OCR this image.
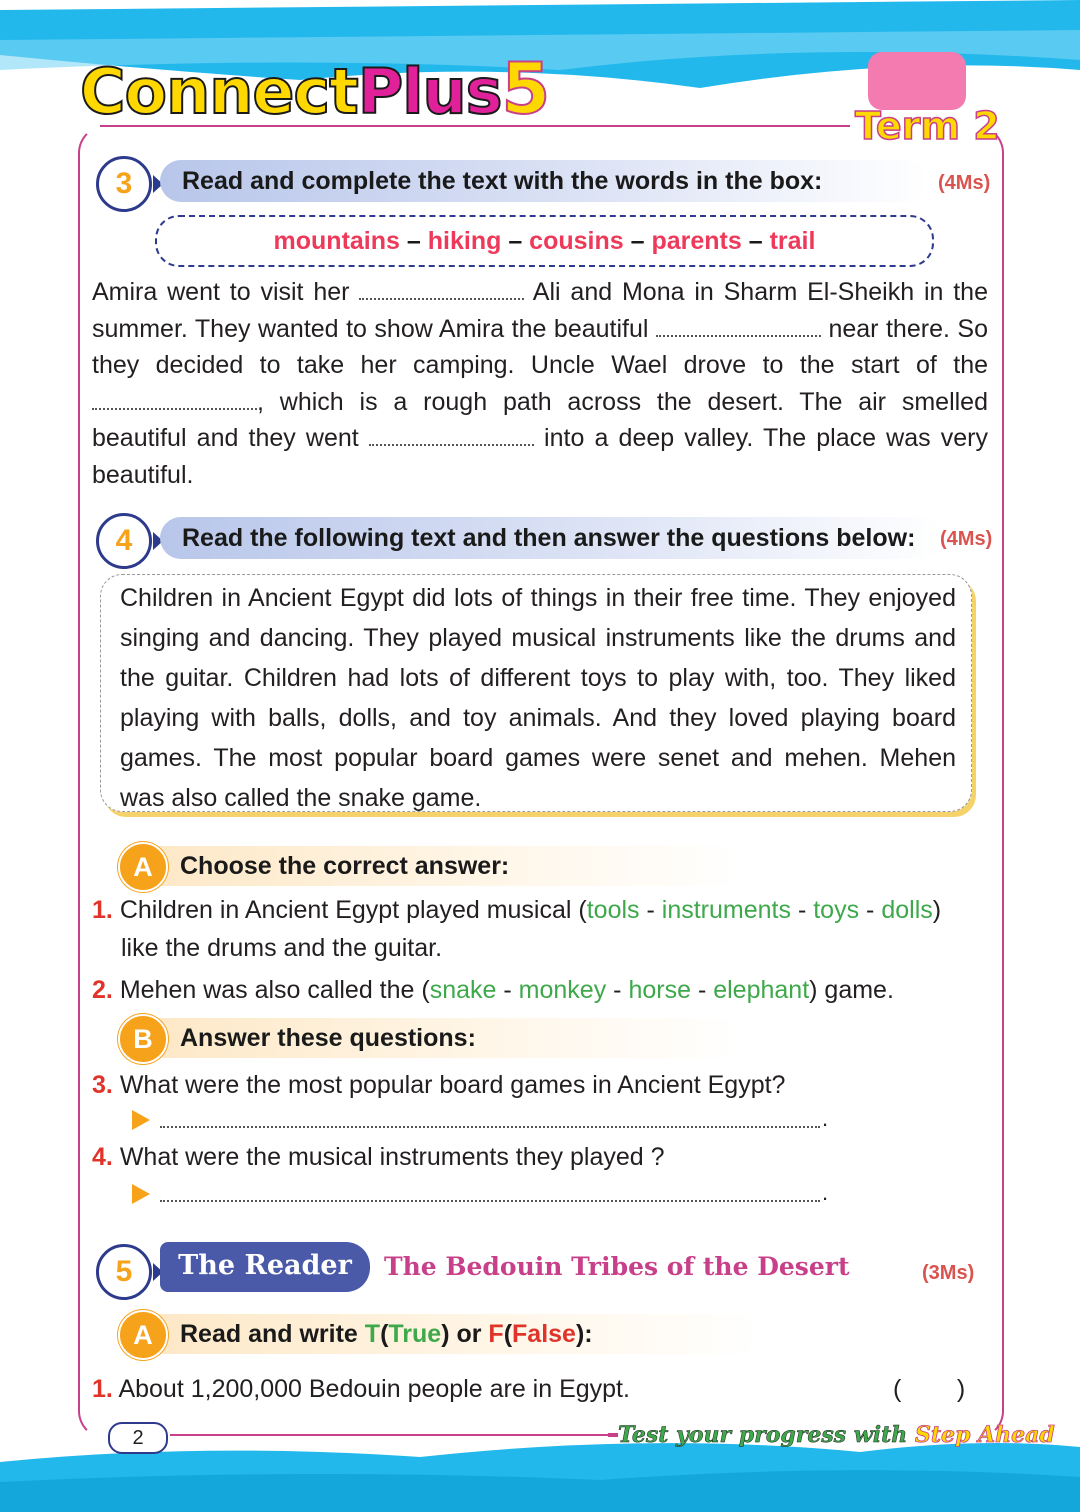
ConnectPlus5	Term 2
3	Read and complete the text with the words in the box:	(4Ms)
mountains – hiking – cousins – parents – trail
Amira went to visit her	Ali and Mona in Sharm El-Sheikh in the summer. They wanted to show Amira the beautiful	near there. So they decided to take her camping. Uncle Wael drove to the start of the , which is a rough path across the desert. The air smelled beautiful and they went	into a deep valley. The place was very beautiful.
4	Read the following text and then answer the questions below:	(4Ms)
Children in Ancient Egypt did lots of things in their free time. They enjoyed singing and dancing. They played musical instruments like the drums and the guitar. Children had lots of different toys to play with, too. They liked playing with balls, dolls, and toy animals. And they loved playing board games. The most popular board games were senet and mehen. Mehen was also called the snake game.
Choose the correct answer:
A
1. Children in Ancient Egypt played musical (tools - instruments - toys - dolls)
like the drums and the guitar.
2. Mehen was also called the (snake - monkey - horse - elephant) game.
Answer these questions:
B
3. What were the most popular board games in Ancient Egypt?
.
4. What were the musical instruments they played ?
.
5	The Reader	The Bedouin Tribes of the Desert	(3Ms)
Read and write T(True) or F(False):
A
1. About 1,200,000 Bedouin people are in Egypt.	(        )
2	Test your progress with Step Ahead
